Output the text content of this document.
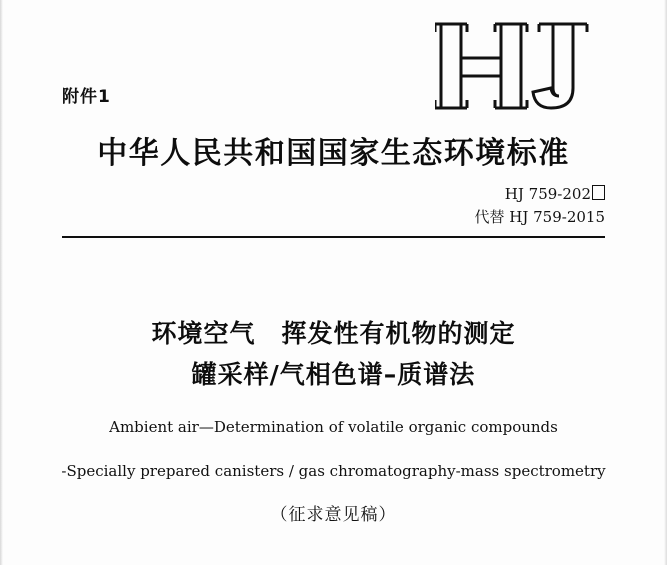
附件1
中华人民共和国国家生态环境标准
HJ 759-202
代替 HJ 759-2015
环境空气　挥发性有机物的测定
罐采样/气相色谱–质谱法
Ambient air—Determination of volatile organic compounds
-Specially prepared canisters / gas chromatography-mass spectrometry
（征求意见稿）
